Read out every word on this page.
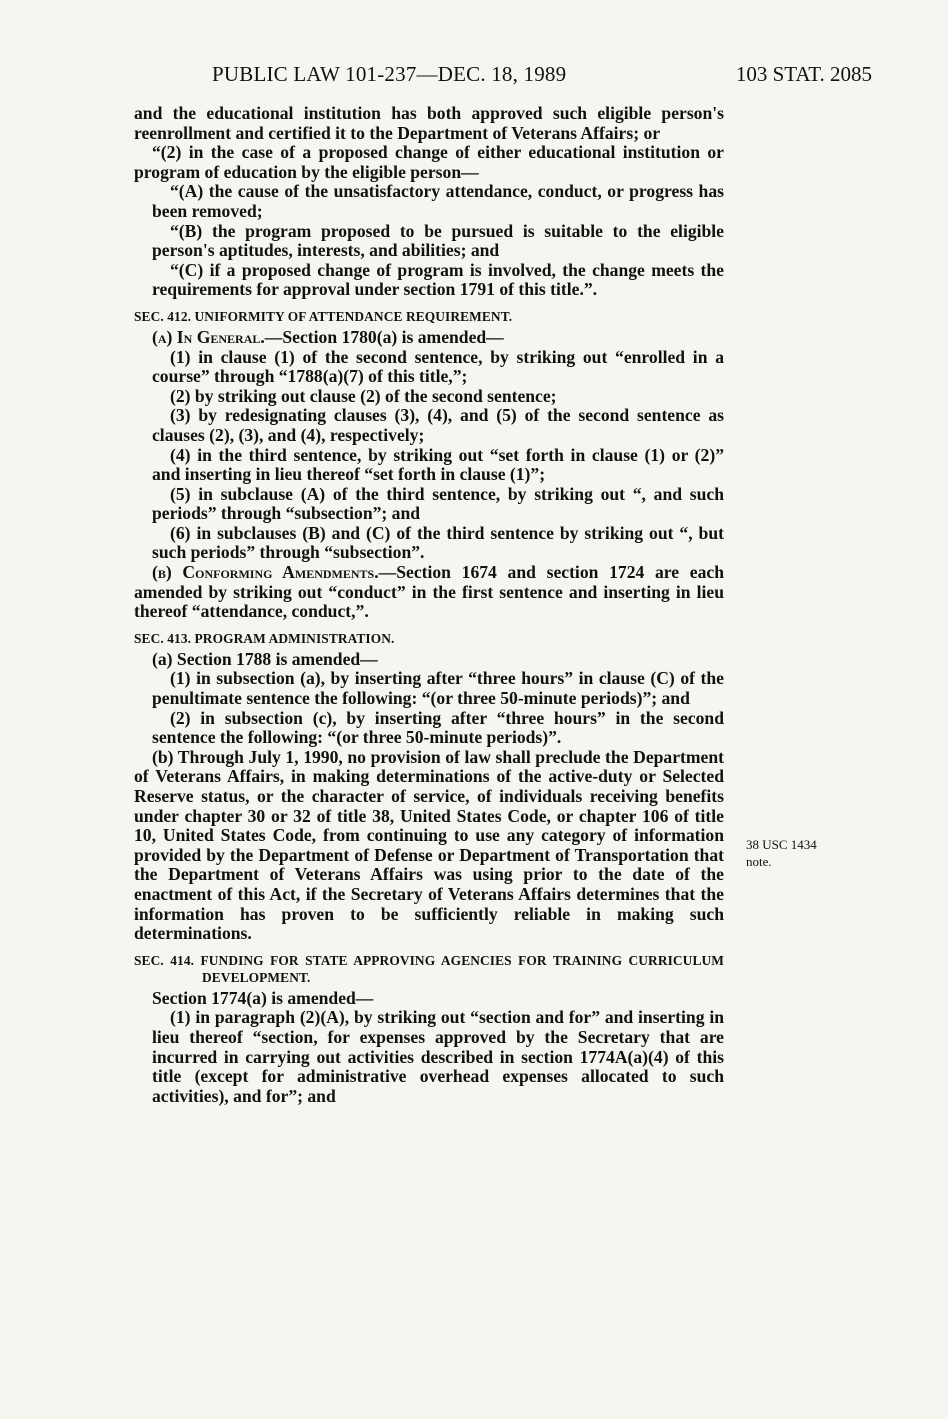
PUBLIC LAW 101-237—DEC. 18, 1989	103 STAT. 2085

and the educational institution has both approved such eligible person's reenrollment and certified it to the Department of Veterans Affairs; or

“(2) in the case of a proposed change of either educational institution or program of education by the eligible person—

“(A) the cause of the unsatisfactory attendance, conduct, or progress has been removed;

“(B) the program proposed to be pursued is suitable to the eligible person's aptitudes, interests, and abilities; and

“(C) if a proposed change of program is involved, the change meets the requirements for approval under section 1791 of this title.”.

SEC. 412. UNIFORMITY OF ATTENDANCE REQUIREMENT.

(a) In General.—Section 1780(a) is amended—

(1) in clause (1) of the second sentence, by striking out “enrolled in a course” through “1788(a)(7) of this title,”;

(2) by striking out clause (2) of the second sentence;

(3) by redesignating clauses (3), (4), and (5) of the second sentence as clauses (2), (3), and (4), respectively;

(4) in the third sentence, by striking out “set forth in clause (1) or (2)” and inserting in lieu thereof “set forth in clause (1)”;

(5) in subclause (A) of the third sentence, by striking out “, and such periods” through “subsection”; and

(6) in subclauses (B) and (C) of the third sentence by striking out “, but such periods” through “subsection”.

(b) Conforming Amendments.—Section 1674 and section 1724 are each amended by striking out “conduct” in the first sentence and inserting in lieu thereof “attendance, conduct,”.

SEC. 413. PROGRAM ADMINISTRATION.

(a) Section 1788 is amended—

(1) in subsection (a), by inserting after “three hours” in clause (C) of the penultimate sentence the following: “(or three 50-minute periods)”; and

(2) in subsection (c), by inserting after “three hours” in the second sentence the following: “(or three 50-minute periods)”.

(b) Through July 1, 1990, no provision of law shall preclude the Department of Veterans Affairs, in making determinations of the active-duty or Selected Reserve status, or the character of service, of individuals receiving benefits under chapter 30 or 32 of title 38, United States Code, or chapter 106 of title 10, United States Code, from continuing to use any category of information provided by the Department of Defense or Department of Transportation that the Department of Veterans Affairs was using prior to the date of the enactment of this Act, if the Secretary of Veterans Affairs determines that the information has proven to be sufficiently reliable in making such determinations.

SEC. 414. FUNDING FOR STATE APPROVING AGENCIES FOR TRAINING CURRICULUM DEVELOPMENT.

Section 1774(a) is amended—

(1) in paragraph (2)(A), by striking out “section and for” and inserting in lieu thereof “section, for expenses approved by the Secretary that are incurred in carrying out activities described in section 1774A(a)(4) of this title (except for administrative overhead expenses allocated to such activities), and for”; and

38 USC 1434
note.
